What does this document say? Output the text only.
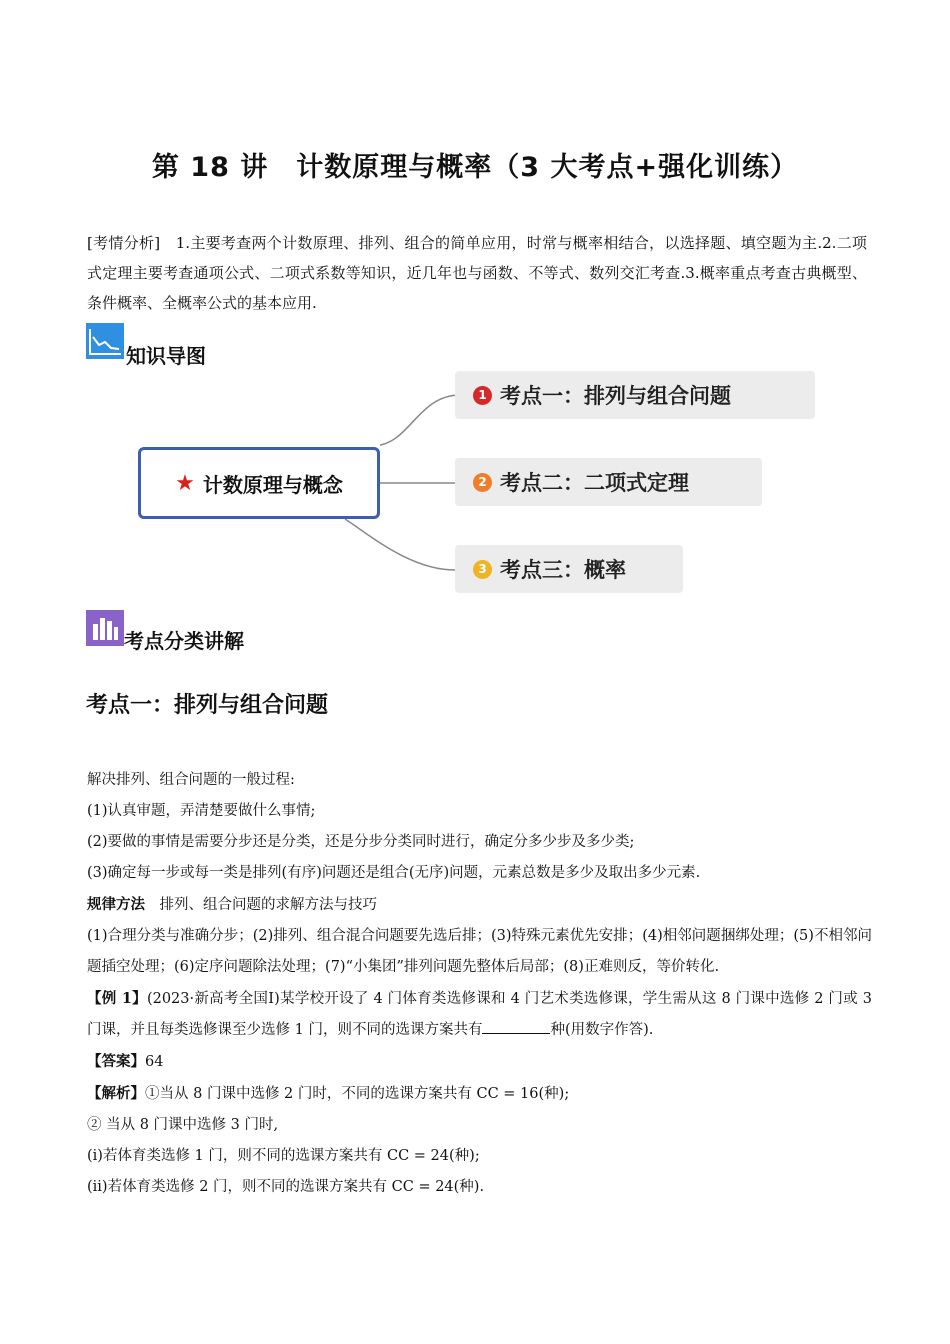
第 18 讲　计数原理与概率（3 大考点+强化训练）
[考情分析]　1.主要考查两个计数原理、排列、组合的简单应用，时常与概率相结合，以选择题、填空题为主.2.二项式定理主要考查通项公式、二项式系数等知识，近几年也与函数、不等式、数列交汇考查.3.概率重点考查古典概型、条件概率、全概率公式的基本应用.
知识导图
★ 计数原理与概念
1 考点一：排列与组合问题
2 考点二：二项式定理
3 考点三：概率
考点分类讲解
考点一：排列与组合问题

解决排列、组合问题的一般过程:

(1)认真审题，弄清楚要做什么事情;

(2)要做的事情是需要分步还是分类，还是分步分类同时进行，确定分多少步及多少类;

(3)确定每一步或每一类是排列(有序)问题还是组合(无序)问题，元素总数是多少及取出多少元素.

规律方法　排列、组合问题的求解方法与技巧

(1)合理分类与准确分步；(2)排列、组合混合问题要先选后排；(3)特殊元素优先安排；(4)相邻问题捆绑处理；(5)不相邻问题插空处理；(6)定序问题除法处理；(7)“小集团”排列问题先整体后局部；(8)正难则反，等价转化.

【例 1】(2023·新高考全国Ⅰ)某学校开设了 4 门体育类选修课和 4 门艺术类选修课，学生需从这 8 门课中选修 2 门或 3 门课，并且每类选修课至少选修 1 门，则不同的选课方案共有	种(用数字作答).

【答案】64

【解析】①当从 8 门课中选修 2 门时，不同的选课方案共有 CC = 16(种);

② 当从 8 门课中选修 3 门时,

(ⅰ)若体育类选修 1 门，则不同的选课方案共有 CC = 24(种);

(ⅱ)若体育类选修 2 门，则不同的选课方案共有 CC = 24(种).
